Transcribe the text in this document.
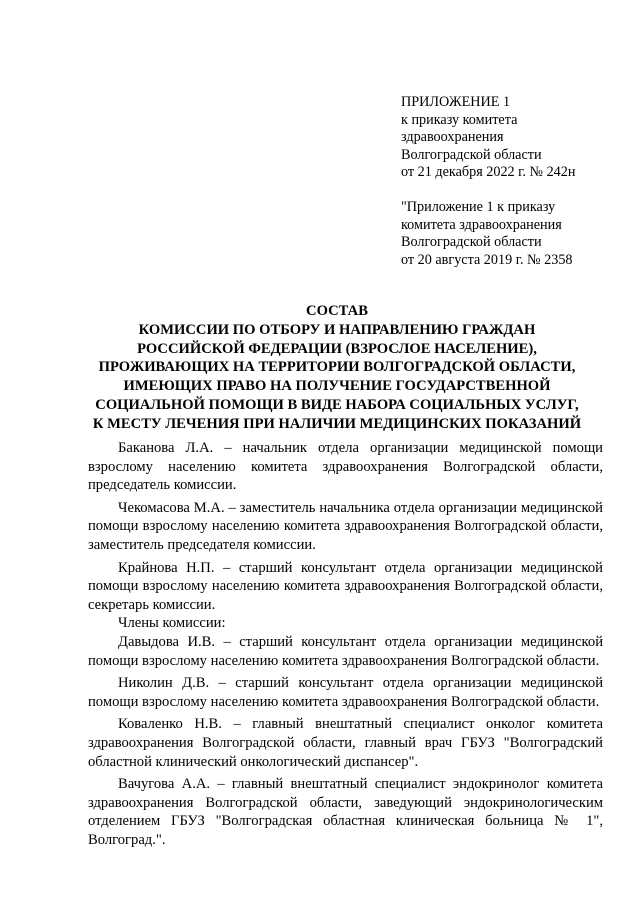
ПРИЛОЖЕНИЕ 1
к приказу комитета
здравоохранения
Волгоградской области
от 21 декабря 2022 г. № 242н
"Приложение 1 к приказу
комитета здравоохранения
Волгоградской области
от 20 августа 2019 г. № 2358
СОСТАВ
КОМИССИИ ПО ОТБОРУ И НАПРАВЛЕНИЮ ГРАЖДАН
РОССИЙСКОЙ ФЕДЕРАЦИИ (ВЗРОСЛОЕ НАСЕЛЕНИЕ),
ПРОЖИВАЮЩИХ НА ТЕРРИТОРИИ ВОЛГОГРАДСКОЙ ОБЛАСТИ,
ИМЕЮЩИХ ПРАВО НА ПОЛУЧЕНИЕ ГОСУДАРСТВЕННОЙ
СОЦИАЛЬНОЙ ПОМОЩИ В ВИДЕ НАБОРА СОЦИАЛЬНЫХ УСЛУГ,
К МЕСТУ ЛЕЧЕНИЯ ПРИ НАЛИЧИИ МЕДИЦИНСКИХ ПОКАЗАНИЙ

Баканова Л.А. – начальник отдела организации медицинской помощи взрослому населению комитета здравоохранения Волгоградской области, председатель комиссии.

Чекомасова М.А. – заместитель начальника отдела организации медицинской помощи взрослому населению комитета здравоохранения Волгоградской области, заместитель председателя комиссии.

Крайнова Н.П. – старший консультант отдела организации медицинской помощи взрослому населению комитета здравоохранения Волгоградской области, секретарь комиссии.

Члены комиссии:

Давыдова И.В. – старший консультант отдела организации медицинской помощи взрослому населению комитета здравоохранения Волгоградской области.

Николин Д.В. – старший консультант отдела организации медицинской помощи взрослому населению комитета здравоохранения Волгоградской области.

Коваленко Н.В. – главный внештатный специалист онколог комитета здравоохранения Волгоградской области, главный врач ГБУЗ "Волгоградский областной клинический онкологический диспансер".

Вачугова А.А. – главный внештатный специалист эндокринолог комитета здравоохранения Волгоградской области, заведующий эндокринологическим отделением ГБУЗ "Волгоградская областная клиническая больница № 1", Волгоград.".
